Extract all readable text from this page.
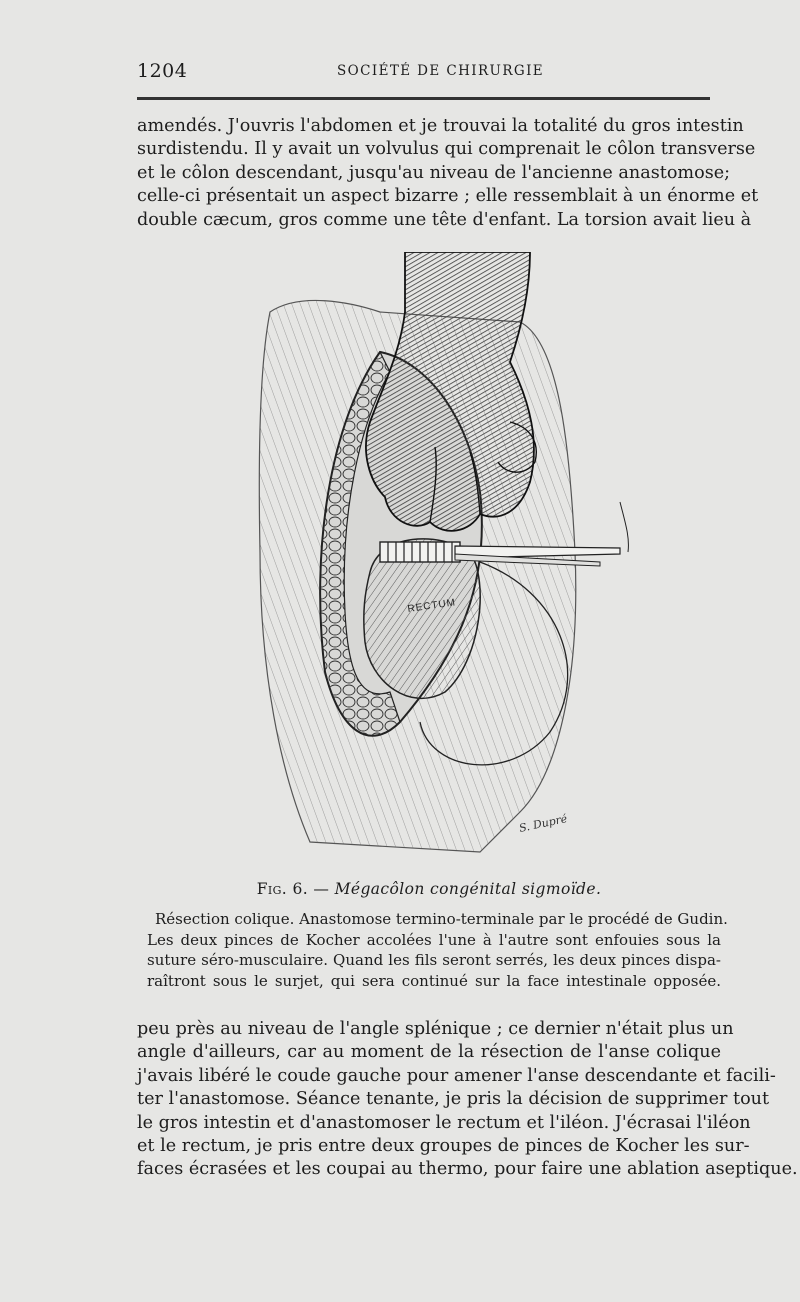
1204	SOCIÉTÉ DE CHIRURGIE
amendés. J'ouvris l'abdomen et je trouvai la totalité du gros intestin
surdistendu. Il y avait un volvulus qui comprenait le côlon transverse
et le côlon descendant, jusqu'au niveau de l'ancienne anastomose;
celle-ci présentait un aspect bizarre ; elle ressemblait à un énorme et
double cæcum, gros comme une tête d'enfant. La torsion avait lieu à
RECTUM
S. Dupré
Fig. 6. — Mégacôlon congénital sigmoïde.
Résection colique. Anastomose termino-terminale par le procédé de Gudin.
Les deux pinces de Kocher accolées l'une à l'autre sont enfouies sous la
suture séro-musculaire. Quand les fils seront serrés, les deux pinces dispa-
raîtront sous le surjet, qui sera continué sur la face intestinale opposée.
peu près au niveau de l'angle splénique ; ce dernier n'était plus un
angle d'ailleurs, car au moment de la résection de l'anse colique
j'avais libéré le coude gauche pour amener l'anse descendante et facili-
ter l'anastomose. Séance tenante, je pris la décision de supprimer tout
le gros intestin et d'anastomoser le rectum et l'iléon. J'écrasai l'iléon
et le rectum, je pris entre deux groupes de pinces de Kocher les sur-
faces écrasées et les coupai au thermo, pour faire une ablation aseptique.
